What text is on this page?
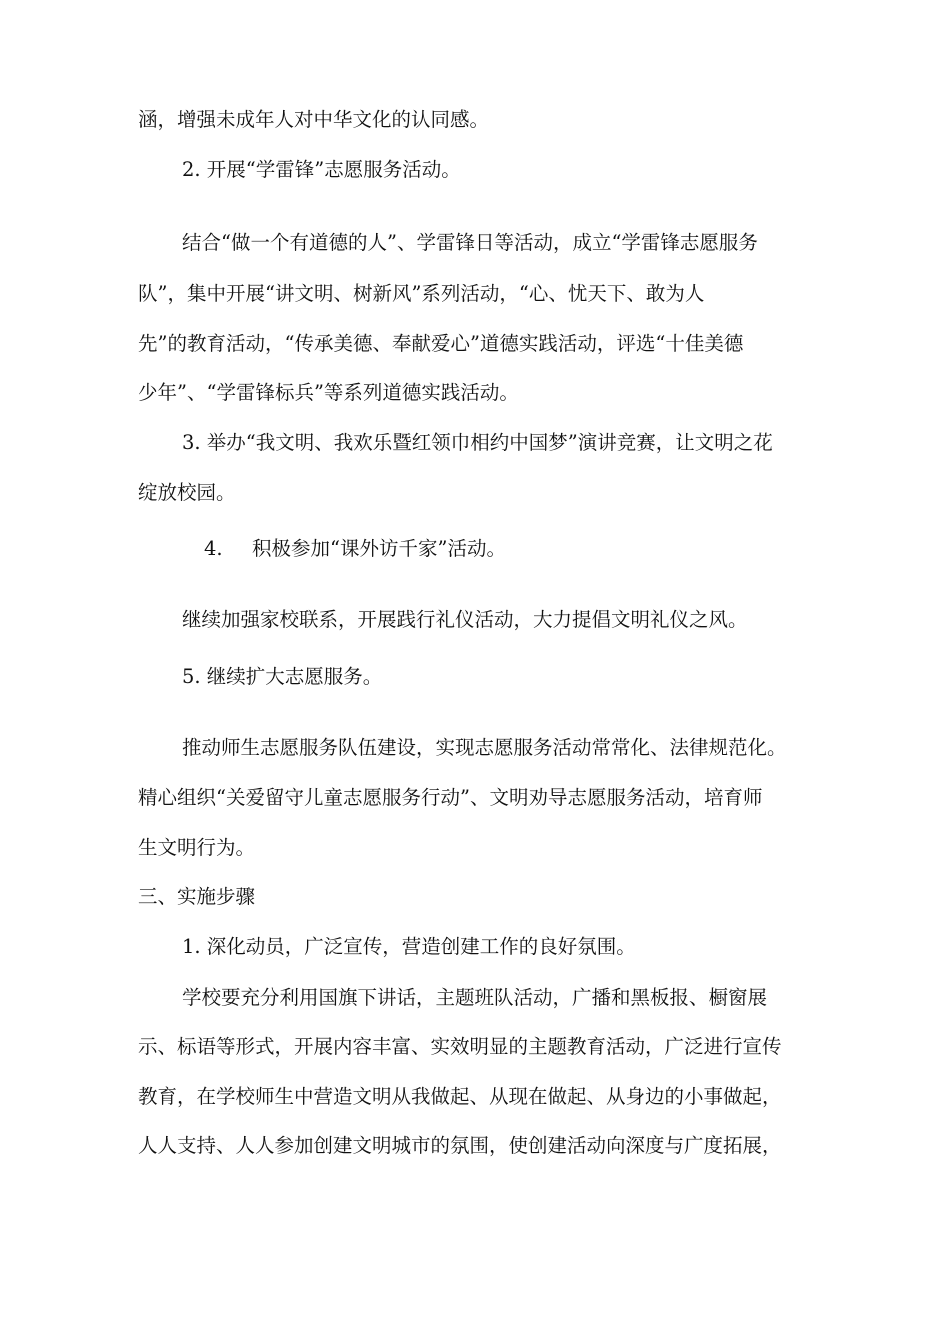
涵，增强未成年人对中华文化的认同感。
2. 开展“学雷锋”志愿服务活动。
结合“做一个有道德的人”、学雷锋日等活动，成立“学雷锋志愿服务
队”，集中开展“讲文明、树新风”系列活动，“心、忧天下、敢为人
先”的教育活动，“传承美德、奉献爱心”道德实践活动，评选“十佳美德
少年”、“学雷锋标兵”等系列道德实践活动。
3. 举办“我文明、我欢乐暨红领巾相约中国梦”演讲竞赛，让文明之花
绽放校园。
4. 积极参加“课外访千家”活动。
继续加强家校联系，开展践行礼仪活动，大力提倡文明礼仪之风。
5. 继续扩大志愿服务。
推动师生志愿服务队伍建设，实现志愿服务活动常常化、法律规范化。
精心组织“关爱留守儿童志愿服务行动”、文明劝导志愿服务活动，培育师
生文明行为。
三、实施步骤
1. 深化动员，广泛宣传，营造创建工作的良好氛围。
学校要充分利用国旗下讲话，主题班队活动，广播和黑板报、橱窗展
示、标语等形式，开展内容丰富、实效明显的主题教育活动，广泛进行宣传
教育，在学校师生中营造文明从我做起、从现在做起、从身边的小事做起，
人人支持、人人参加创建文明城市的氛围，使创建活动向深度与广度拓展，
